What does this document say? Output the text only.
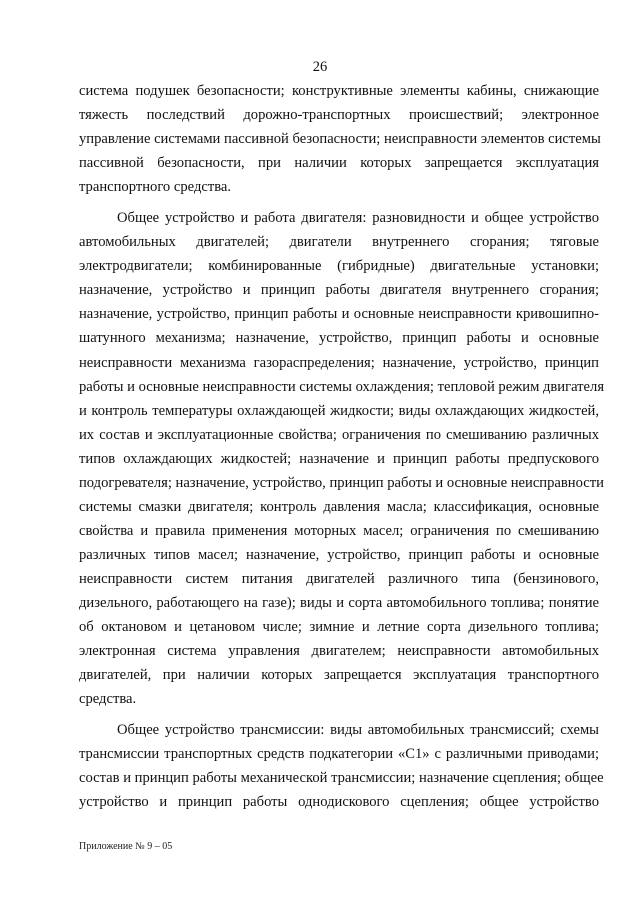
26
система подушек безопасности; конструктивные элементы кабины, снижающие
тяжесть последствий дорожно-транспортных происшествий; электронное
управление системами пассивной безопасности; неисправности элементов системы
пассивной безопасности, при наличии которых запрещается эксплуатация
транспортного средства.
Общее устройство и работа двигателя: разновидности и общее устройство
автомобильных двигателей; двигатели внутреннего сгорания; тяговые
электродвигатели; комбинированные (гибридные) двигательные установки;
назначение, устройство и принцип работы двигателя внутреннего сгорания;
назначение, устройство, принцип работы и основные неисправности кривошипно-
шатунного механизма; назначение, устройство, принцип работы и основные
неисправности механизма газораспределения; назначение, устройство, принцип
работы и основные неисправности системы охлаждения; тепловой режим двигателя
и контроль температуры охлаждающей жидкости; виды охлаждающих жидкостей,
их состав и эксплуатационные свойства; ограничения по смешиванию различных
типов охлаждающих жидкостей; назначение и принцип работы предпускового
подогревателя; назначение, устройство, принцип работы и основные неисправности
системы смазки двигателя; контроль давления масла; классификация, основные
свойства и правила применения моторных масел; ограничения по смешиванию
различных типов масел; назначение, устройство, принцип работы и основные
неисправности систем питания двигателей различного типа (бензинового,
дизельного, работающего на газе); виды и сорта автомобильного топлива; понятие
об октановом и цетановом числе; зимние и летние сорта дизельного топлива;
электронная система управления двигателем; неисправности автомобильных
двигателей, при наличии которых запрещается эксплуатация транспортного
средства.
Общее устройство трансмиссии: виды автомобильных трансмиссий; схемы
трансмиссии транспортных средств подкатегории «C1» с различными приводами;
состав и принцип работы механической трансмиссии; назначение сцепления; общее
устройство и принцип работы однодискового сцепления; общее устройство
Приложение № 9 – 05
